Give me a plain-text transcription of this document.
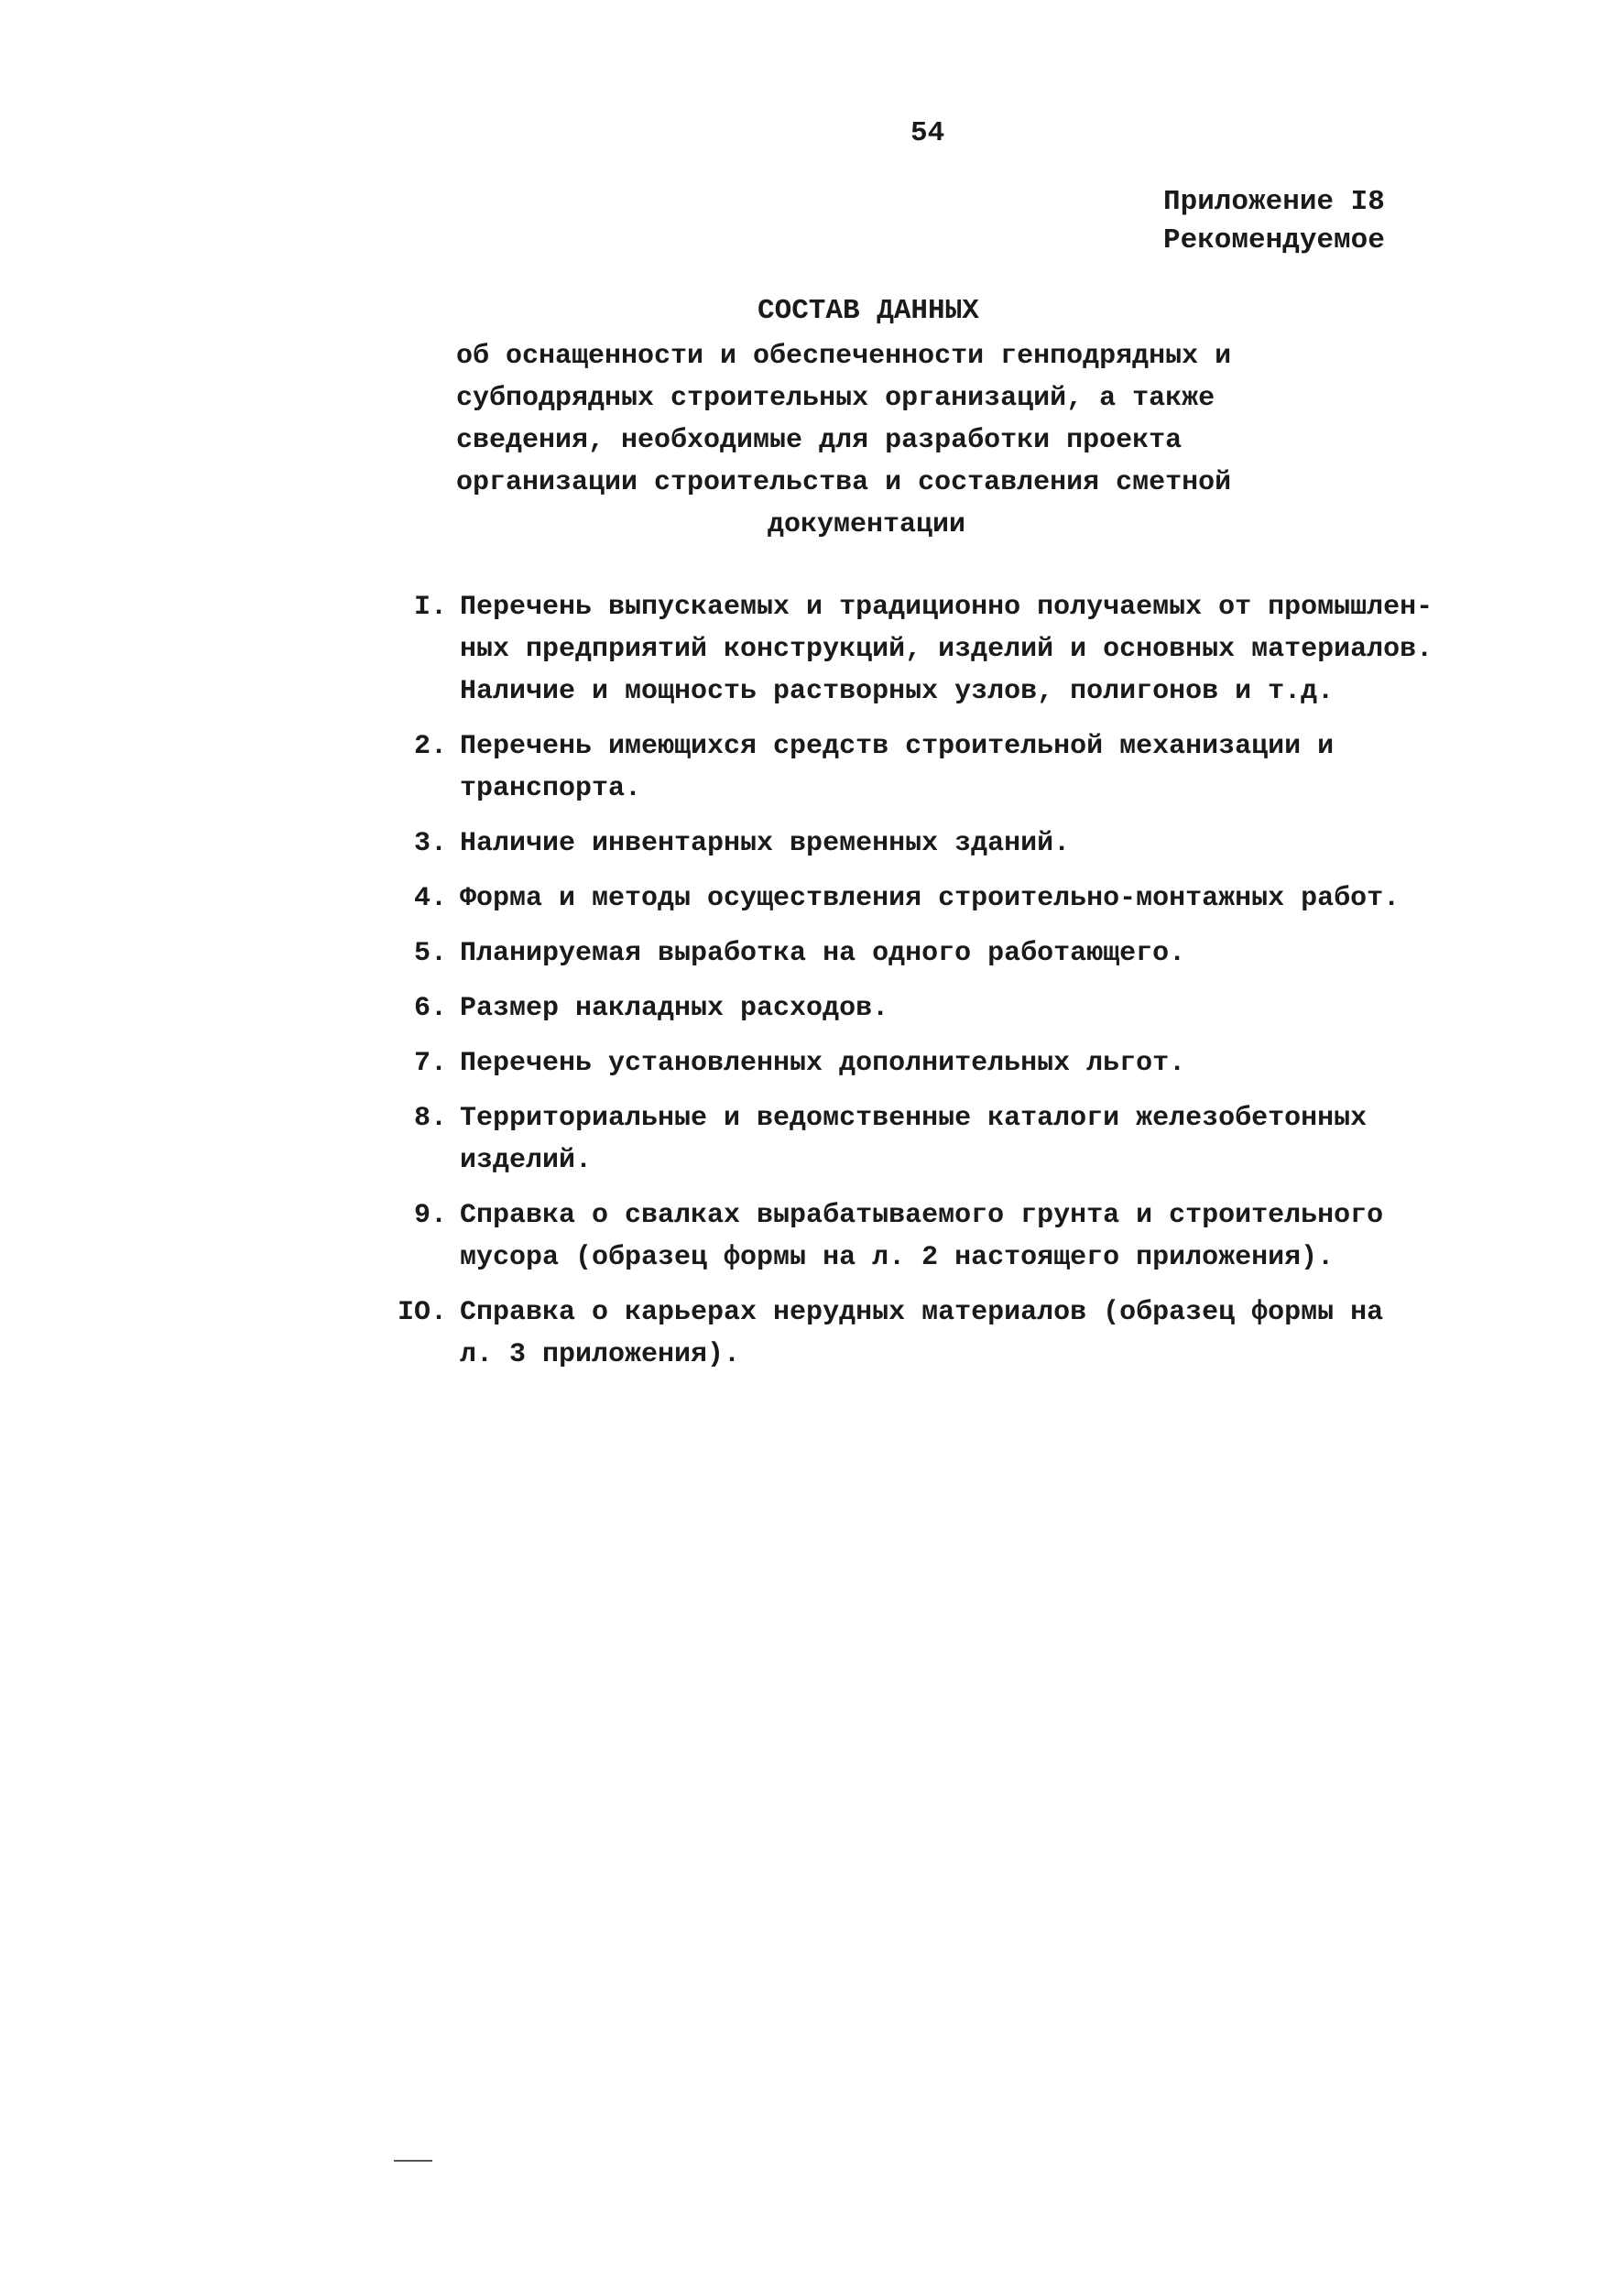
54
Приложение I8
Рекомендуемое
СОСТАВ ДАННЫХ
об оснащенности и обеспеченности генподрядных и
субподрядных строительных организаций, а также
сведения, необходимые для разработки проекта
организации строительства и составления сметной
документации
I. Перечень выпускаемых и традиционно получаемых от промышлен-
ных предприятий конструкций, изделий и основных материалов.
Наличие и мощность растворных узлов, полигонов и т.д.
2. Перечень имеющихся средств строительной механизации и
транспорта.
3. Наличие инвентарных временных зданий.
4. Форма и методы осуществления строительно-монтажных работ.
5. Планируемая выработка на одного работающего.
6. Размер накладных расходов.
7. Перечень установленных дополнительных льгот.
8. Территориальные и ведомственные каталоги железобетонных
изделий.
9. Справка о свалках вырабатываемого грунта и строительного
мусора (образец формы на л. 2 настоящего приложения).
IO. Справка о карьерах нерудных материалов (образец формы на
л. 3 приложения).
